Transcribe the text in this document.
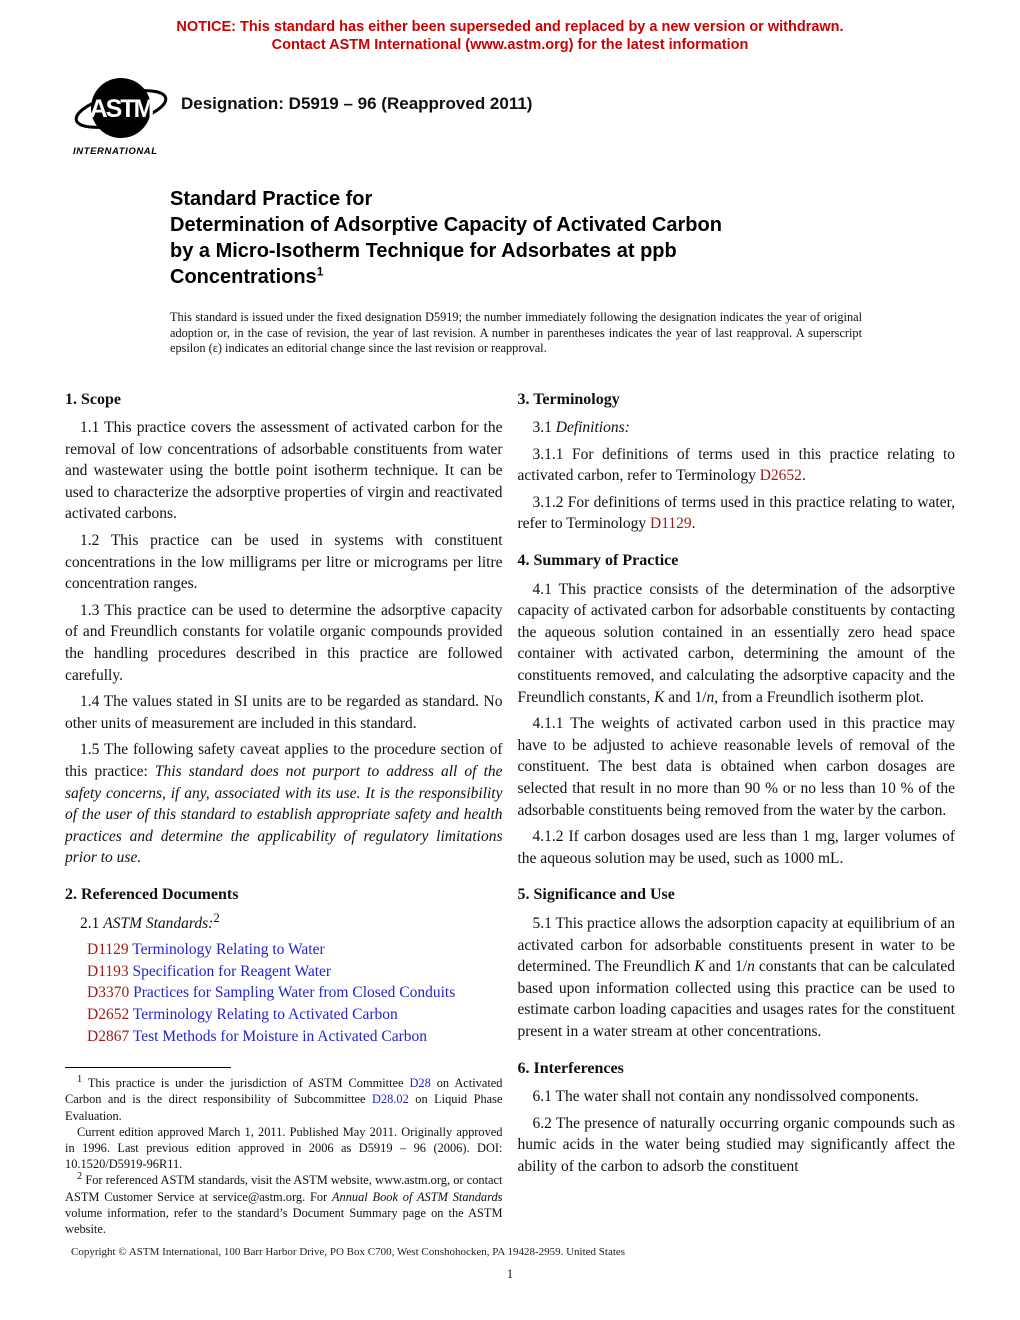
NOTICE: This standard has either been superseded and replaced by a new version or withdrawn.
Contact ASTM International (www.astm.org) for the latest information
ASTM
INTERNATIONAL
Designation: D5919 – 96 (Reapproved 2011)
Standard Practice for
Determination of Adsorptive Capacity of Activated Carbon
by a Micro-Isotherm Technique for Adsorbates at ppb
Concentrations$^1$
This standard is issued under the fixed designation D5919; the number immediately following the designation indicates the year of original adoption or, in the case of revision, the year of last revision. A number in parentheses indicates the year of last reapproval. A superscript epsilon (ε) indicates an editorial change since the last revision or reapproval.
1. Scope
1.1 This practice covers the assessment of activated carbon for the removal of low concentrations of adsorbable constituents from water and wastewater using the bottle point isotherm technique. It can be used to characterize the adsorptive properties of virgin and reactivated activated carbons.
1.2 This practice can be used in systems with constituent concentrations in the low milligrams per litre or micrograms per litre concentration ranges.
1.3 This practice can be used to determine the adsorptive capacity of and Freundlich constants for volatile organic compounds provided the handling procedures described in this practice are followed carefully.
1.4 The values stated in SI units are to be regarded as standard. No other units of measurement are included in this standard.
1.5 The following safety caveat applies to the procedure section of this practice: This standard does not purport to address all of the safety concerns, if any, associated with its use. It is the responsibility of the user of this standard to establish appropriate safety and health practices and determine the applicability of regulatory limitations prior to use.
2. Referenced Documents
2.1 ASTM Standards:$^2$
D1129 Terminology Relating to Water
D1193 Specification for Reagent Water
D3370 Practices for Sampling Water from Closed Conduits
D2652 Terminology Relating to Activated Carbon
D2867 Test Methods for Moisture in Activated Carbon
$^1$ This practice is under the jurisdiction of ASTM Committee D28 on Activated Carbon and is the direct responsibility of Subcommittee D28.02 on Liquid Phase Evaluation.
Current edition approved March 1, 2011. Published May 2011. Originally approved in 1996. Last previous edition approved in 2006 as D5919 – 96 (2006). DOI: 10.1520/D5919-96R11.
$^2$ For referenced ASTM standards, visit the ASTM website, www.astm.org, or contact ASTM Customer Service at service@astm.org. For Annual Book of ASTM Standards volume information, refer to the standard’s Document Summary page on the ASTM website.
3. Terminology
3.1 Definitions:
3.1.1 For definitions of terms used in this practice relating to activated carbon, refer to Terminology D2652.
3.1.2 For definitions of terms used in this practice relating to water, refer to Terminology D1129.
4. Summary of Practice
4.1 This practice consists of the determination of the adsorptive capacity of activated carbon for adsorbable constituents by contacting the aqueous solution contained in an essentially zero head space container with activated carbon, determining the amount of the constituents removed, and calculating the adsorptive capacity and the Freundlich constants, K and 1/n, from a Freundlich isotherm plot.
4.1.1 The weights of activated carbon used in this practice may have to be adjusted to achieve reasonable levels of removal of the constituent. The best data is obtained when carbon dosages are selected that result in no more than 90 % or no less than 10 % of the adsorbable constituents being removed from the water by the carbon.
4.1.2 If carbon dosages used are less than 1 mg, larger volumes of the aqueous solution may be used, such as 1000 mL.
5. Significance and Use
5.1 This practice allows the adsorption capacity at equilibrium of an activated carbon for adsorbable constituents present in water to be determined. The Freundlich K and 1/n constants that can be calculated based upon information collected using this practice can be used to estimate carbon loading capacities and usages rates for the constituent present in a water stream at other concentrations.
6. Interferences
6.1 The water shall not contain any nondissolved components.
6.2 The presence of naturally occurring organic compounds such as humic acids in the water being studied may significantly affect the ability of the carbon to adsorb the constituent
Copyright © ASTM International, 100 Barr Harbor Drive, PO Box C700, West Conshohocken, PA 19428-2959. United States
1
